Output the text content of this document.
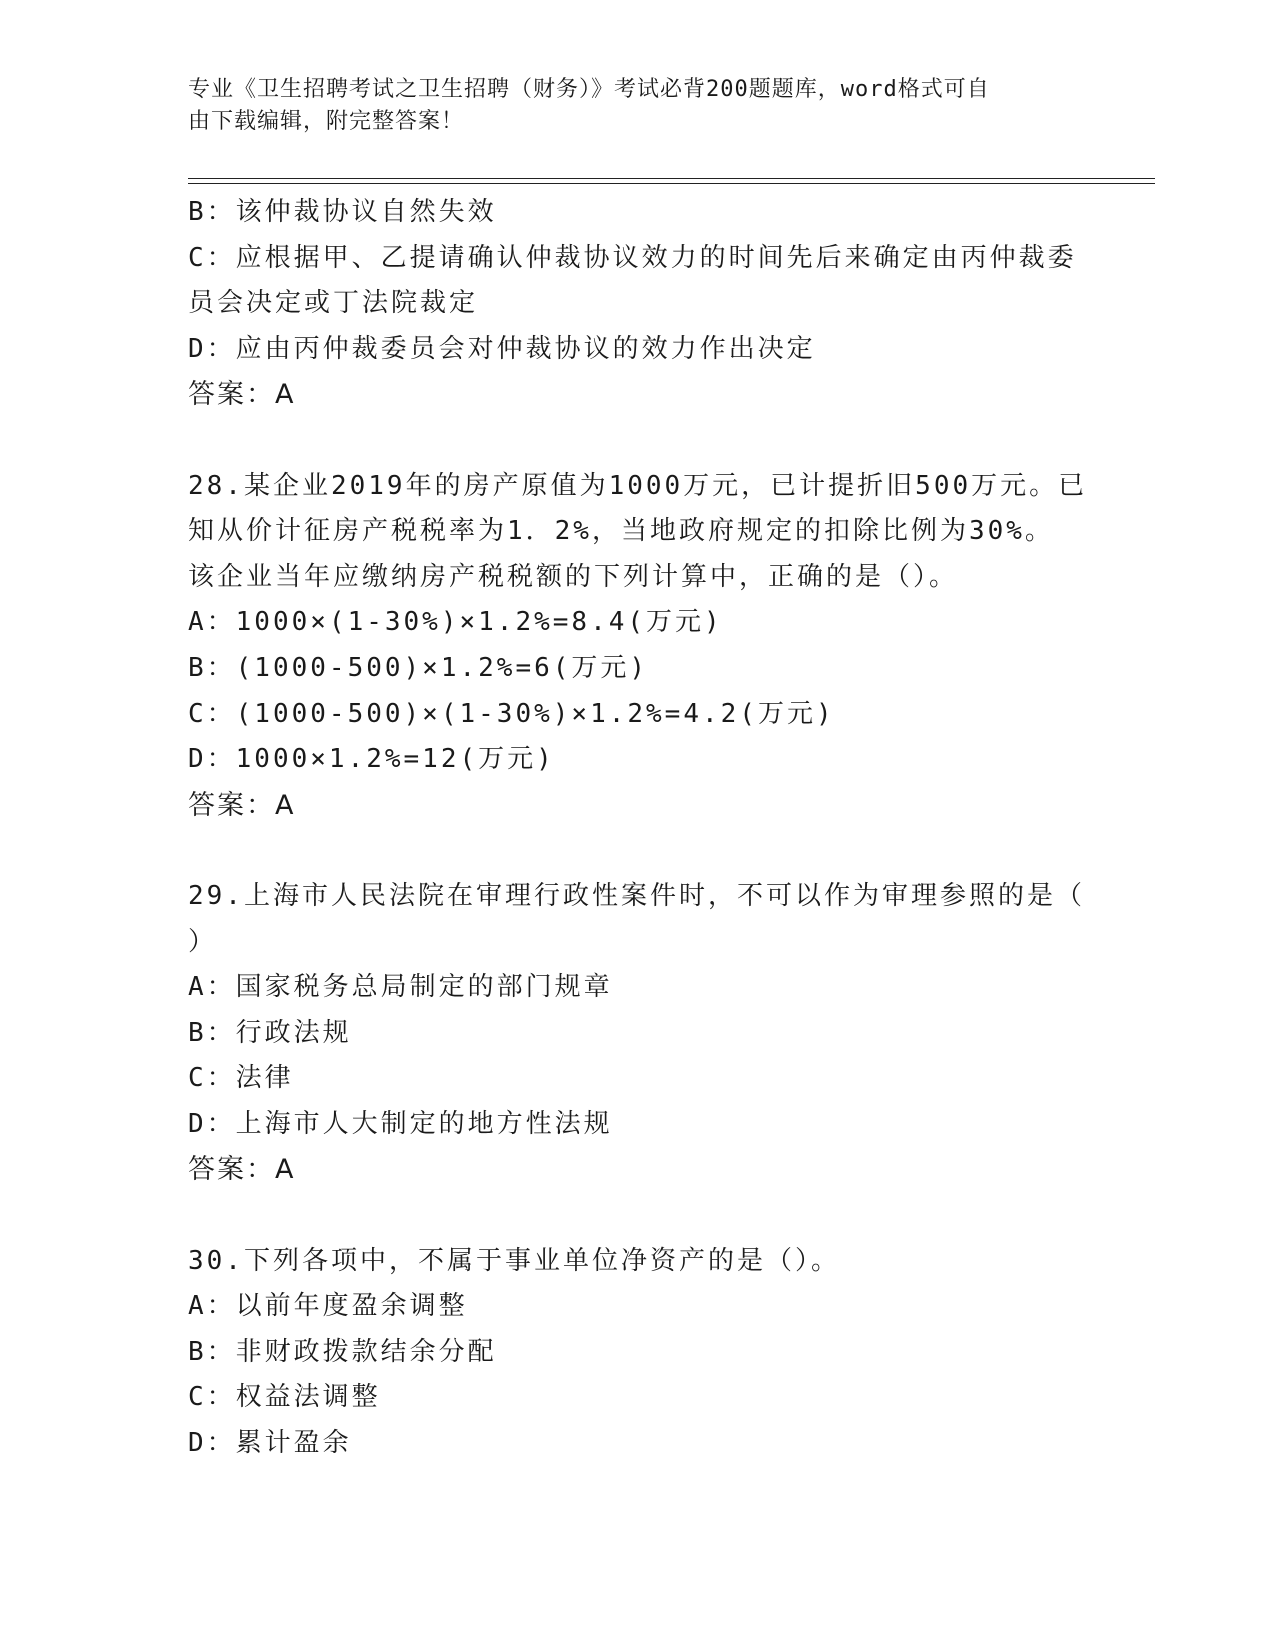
专业《卫生招聘考试之卫生招聘（财务）》考试必背200题题库，word格式可自
由下载编辑，附完整答案！
B：该仲裁协议自然失效
C：应根据甲、乙提请确认仲裁协议效力的时间先后来确定由丙仲裁委
员会决定或丁法院裁定
D：应由丙仲裁委员会对仲裁协议的效力作出决定
答案：A
28.某企业2019年的房产原值为1000万元，已计提折旧500万元。已
知从价计征房产税税率为1．2%，当地政府规定的扣除比例为30%。
该企业当年应缴纳房产税税额的下列计算中，正确的是（）。
A：1000×(1-30%)×1.2%=8.4(万元)
B：(1000-500)×1.2%=6(万元)
C：(1000-500)×(1-30%)×1.2%=4.2(万元)
D：1000×1.2%=12(万元)
答案：A
29.上海市人民法院在审理行政性案件时，不可以作为审理参照的是（
）
A：国家税务总局制定的部门规章
B：行政法规
C：法律
D：上海市人大制定的地方性法规
答案：A
30.下列各项中，不属于事业单位净资产的是（）。
A：以前年度盈余调整
B：非财政拨款结余分配
C：权益法调整
D：累计盈余
